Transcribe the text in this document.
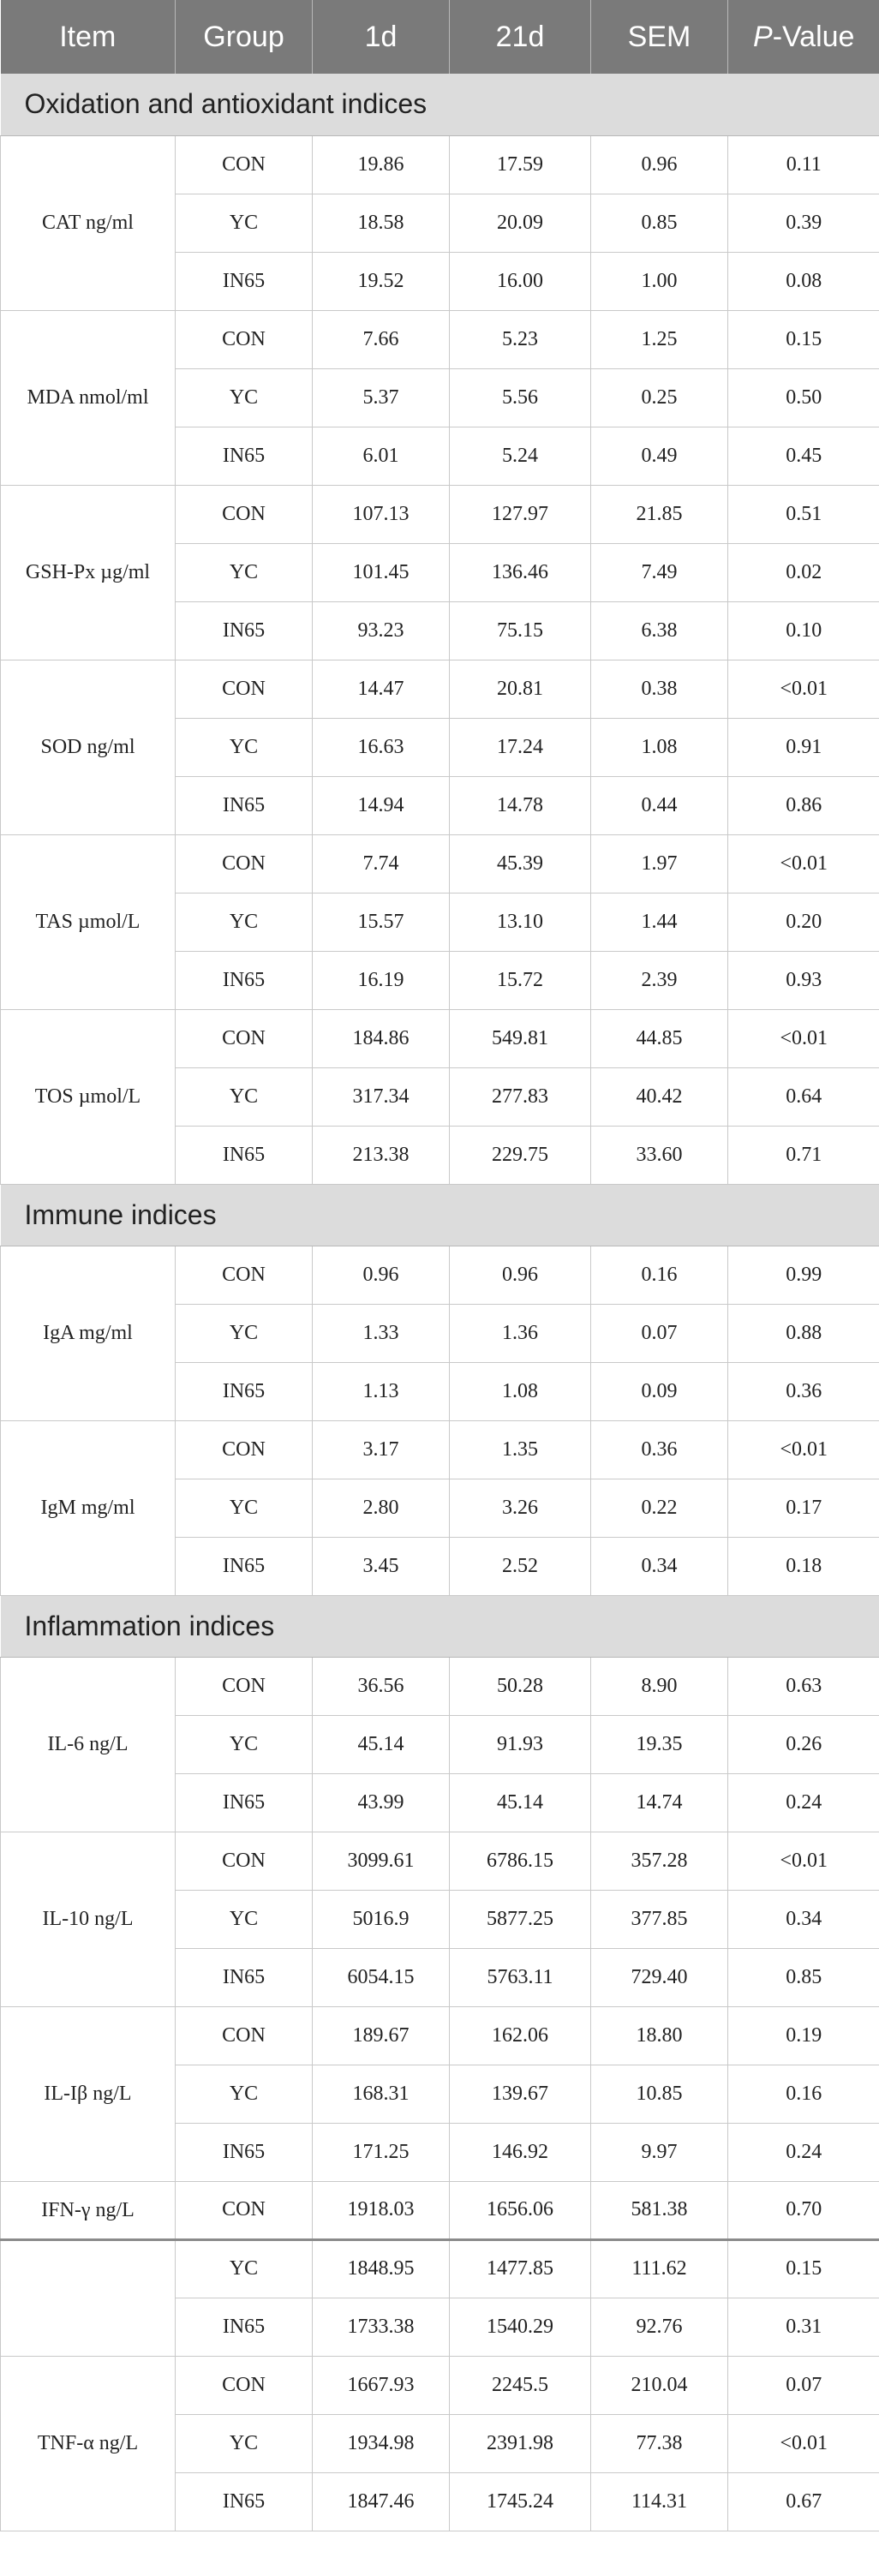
Item	Group	1d	21d	SEM	P-Value
Oxidation and antioxidant indices					
CAT ng/ml	CON	19.86	17.59	0.96	0.11
	YC	18.58	20.09	0.85	0.39
	IN65	19.52	16.00	1.00	0.08
MDA nmol/ml	CON	7.66	5.23	1.25	0.15
	YC	5.37	5.56	0.25	0.50
	IN65	6.01	5.24	0.49	0.45
GSH-Px µg/ml	CON	107.13	127.97	21.85	0.51
	YC	101.45	136.46	7.49	0.02
	IN65	93.23	75.15	6.38	0.10
SOD ng/ml	CON	14.47	20.81	0.38	<0.01
	YC	16.63	17.24	1.08	0.91
	IN65	14.94	14.78	0.44	0.86
TAS µmol/L	CON	7.74	45.39	1.97	<0.01
	YC	15.57	13.10	1.44	0.20
	IN65	16.19	15.72	2.39	0.93
TOS µmol/L	CON	184.86	549.81	44.85	<0.01
	YC	317.34	277.83	40.42	0.64
	IN65	213.38	229.75	33.60	0.71
Immune indices					
IgA mg/ml	CON	0.96	0.96	0.16	0.99
	YC	1.33	1.36	0.07	0.88
	IN65	1.13	1.08	0.09	0.36
IgM mg/ml	CON	3.17	1.35	0.36	<0.01
	YC	2.80	3.26	0.22	0.17
	IN65	3.45	2.52	0.34	0.18
Inflammation indices					
IL-6 ng/L	CON	36.56	50.28	8.90	0.63
	YC	45.14	91.93	19.35	0.26
	IN65	43.99	45.14	14.74	0.24
IL-10 ng/L	CON	3099.61	6786.15	357.28	<0.01
	YC	5016.9	5877.25	377.85	0.34
	IN65	6054.15	5763.11	729.40	0.85
IL-Iβ ng/L	CON	189.67	162.06	18.80	0.19
	YC	168.31	139.67	10.85	0.16
	IN65	171.25	146.92	9.97	0.24
IFN-γ ng/L	CON	1918.03	1656.06	581.38	0.70
	YC	1848.95	1477.85	111.62	0.15
	IN65	1733.38	1540.29	92.76	0.31
TNF-α ng/L	CON	1667.93	2245.5	210.04	0.07
	YC	1934.98	2391.98	77.38	<0.01
	IN65	1847.46	1745.24	114.31	0.67
